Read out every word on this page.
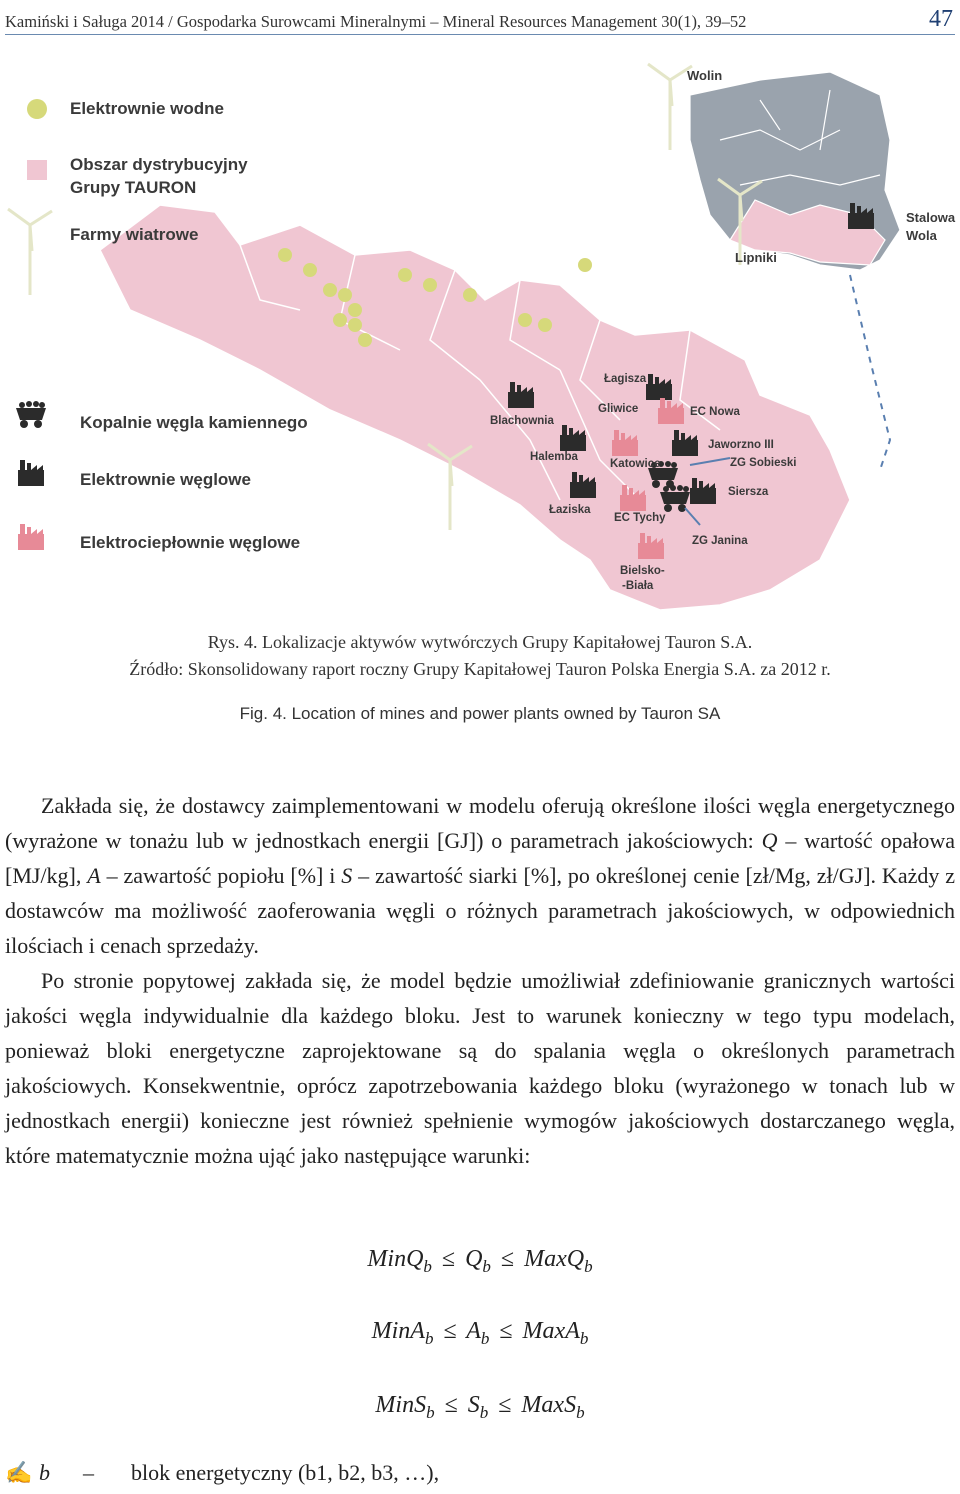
Kamiński i Saługa 2014 / Gospodarka Surowcami Mineralnymi – Mineral Resources Management 30(1), 39–52	47
Elektrownie wodne
Obszar dystrybucyjny
Grupy TAURON
Farmy wiatrowe
Kopalnie węgla kamiennego
Elektrownie węglowe
Elektrociepłownie węglowe
Wolin
Stalowa
Wola
Lipniki
Łagisza
Gliwice	EC Nowa
Blachownia
Jaworzno III
ZG Sobieski
Halemba
Katowice
Siersza
Łaziska
EC Tychy
ZG Janina
Bielsko-
-Biała
Rys. 4. Lokalizacje aktywów wytwórczych Grupy Kapitałowej Tauron S.A.
Źródło: Skonsolidowany raport roczny Grupy Kapitałowej Tauron Polska Energia S.A. za 2012 r.
Fig. 4. Location of mines and power plants owned by Tauron SA

Zakłada się, że dostawcy zaimplementowani w modelu oferują określone ilości węgla energetycznego (wyrażone w tonażu lub w jednostkach energii [GJ]) o parametrach jakościowych: Q – wartość opałowa [MJ/kg], A – zawartość popiołu [%] i S – zawartość siarki [%], po określonej cenie [zł/Mg, zł/GJ]. Każdy z dostawców ma możliwość zaoferowania węgli o różnych parametrach jakościowych, w odpowiednich ilościach i cenach sprzedaży.

Po stronie popytowej zakłada się, że model będzie umożliwiał zdefiniowanie granicznych wartości jakości węgla indywidualnie dla każdego bloku. Jest to warunek konieczny w tego typu modelach, ponieważ bloki energetyczne zaprojektowane są do spalania węgla o określonych parametrach jakościowych. Konsekwentnie, oprócz zapotrzebowania każdego bloku (wyrażonego w tonach lub w jednostkach energii) konieczne jest również spełnienie wymogów jakościowych dostarczanego węgla, które matematycznie można ująć jako następujące warunki:

MinQ$_b$ ≤ $Q_b$ ≤ MaxQ$_b$
MinA$_b$ ≤ $A_b$ ≤ MaxA$_b$
MinS$_b$ ≤ $S_b$ ≤ MaxS$_b$
✍ b – blok energetyczny (b1, b2, b3, …),
